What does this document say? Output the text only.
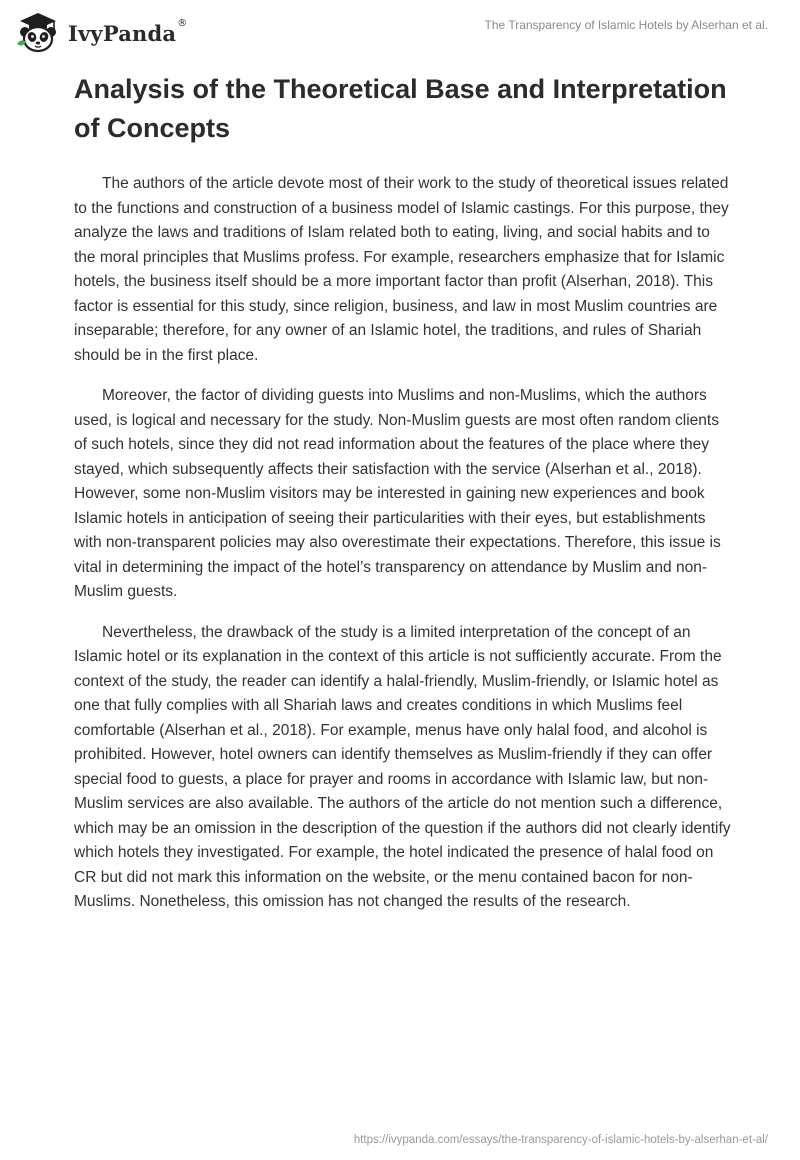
IvyPanda ®	The Transparency of Islamic Hotels by Alserhan et al.
Analysis of the Theoretical Base and Interpretation of Concepts

The authors of the article devote most of their work to the study of theoretical issues related to the functions and construction of a business model of Islamic castings. For this purpose, they analyze the laws and traditions of Islam related both to eating, living, and social habits and to the moral principles that Muslims profess. For example, researchers emphasize that for Islamic hotels, the business itself should be a more important factor than profit (Alserhan, 2018). This factor is essential for this study, since religion, business, and law in most Muslim countries are inseparable; therefore, for any owner of an Islamic hotel, the traditions, and rules of Shariah should be in the first place.

Moreover, the factor of dividing guests into Muslims and non-Muslims, which the authors used, is logical and necessary for the study. Non-Muslim guests are most often random clients of such hotels, since they did not read information about the features of the place where they stayed, which subsequently affects their satisfaction with the service (Alserhan et al., 2018). However, some non-Muslim visitors may be interested in gaining new experiences and book Islamic hotels in anticipation of seeing their particularities with their eyes, but establishments with non-transparent policies may also overestimate their expectations. Therefore, this issue is vital in determining the impact of the hotel’s transparency on attendance by Muslim and non-Muslim guests.

Nevertheless, the drawback of the study is a limited interpretation of the concept of an Islamic hotel or its explanation in the context of this article is not sufficiently accurate. From the context of the study, the reader can identify a halal-friendly, Muslim-friendly, or Islamic hotel as one that fully complies with all Shariah laws and creates conditions in which Muslims feel comfortable (Alserhan et al., 2018). For example, menus have only halal food, and alcohol is prohibited. However, hotel owners can identify themselves as Muslim-friendly if they can offer special food to guests, a place for prayer and rooms in accordance with Islamic law, but non-Muslim services are also available. The authors of the article do not mention such a difference, which may be an omission in the description of the question if the authors did not clearly identify which hotels they investigated. For example, the hotel indicated the presence of halal food on CR but did not mark this information on the website, or the menu contained bacon for non-Muslims. Nonetheless, this omission has not changed the results of the research.

https://ivypanda.com/essays/the-transparency-of-islamic-hotels-by-alserhan-et-al/
